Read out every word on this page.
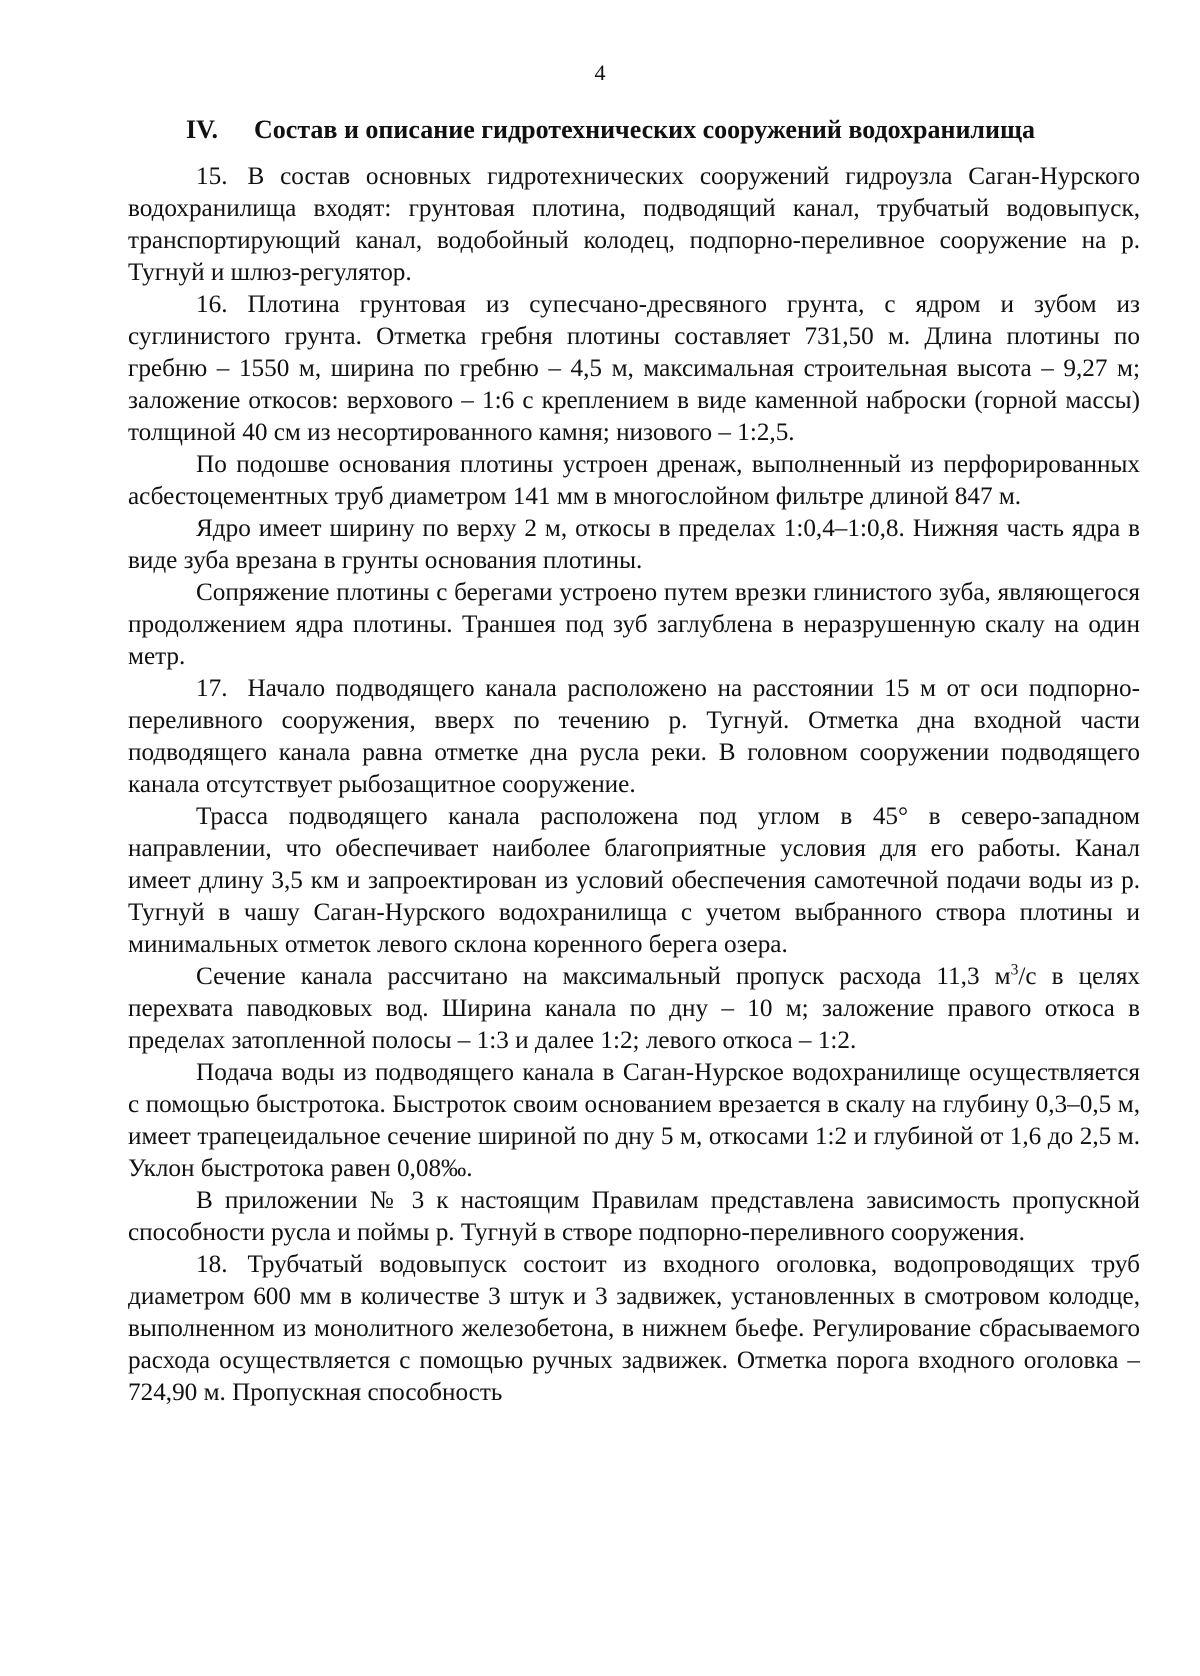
4
IV. Состав и описание гидротехнических сооружений водохранилища

15. В состав основных гидротехнических сооружений гидроузла Саган-Нурского водохранилища входят: грунтовая плотина, подводящий канал, трубчатый водовыпуск, транспортирующий канал, водобойный колодец, подпорно-переливное сооружение на р. Тугнуй и шлюз-регулятор.

16. Плотина грунтовая из супесчано-дресвяного грунта, с ядром и зубом из суглинистого грунта. Отметка гребня плотины составляет 731,50 м. Длина плотины по гребню – 1550 м, ширина по гребню – 4,5 м, максимальная строительная высота – 9,27 м; заложение откосов: верхового – 1:6 с креплением в виде каменной наброски (горной массы) толщиной 40 см из несортированного камня; низового – 1:2,5.

По подошве основания плотины устроен дренаж, выполненный из перфорированных асбестоцементных труб диаметром 141 мм в многослойном фильтре длиной 847 м.

Ядро имеет ширину по верху 2 м, откосы в пределах 1:0,4–1:0,8. Нижняя часть ядра в виде зуба врезана в грунты основания плотины.

Сопряжение плотины с берегами устроено путем врезки глинистого зуба, являющегося продолжением ядра плотины. Траншея под зуб заглублена в неразрушенную скалу на один метр.

17. Начало подводящего канала расположено на расстоянии 15 м от оси подпорно-переливного сооружения, вверх по течению р. Тугнуй. Отметка дна входной части подводящего канала равна отметке дна русла реки. В головном сооружении подводящего канала отсутствует рыбозащитное сооружение.

Трасса подводящего канала расположена под углом в 45° в северо-западном направлении, что обеспечивает наиболее благоприятные условия для его работы. Канал имеет длину 3,5 км и запроектирован из условий обеспечения самотечной подачи воды из р. Тугнуй в чашу Саган-Нурского водохранилища с учетом выбранного створа плотины и минимальных отметок левого склона коренного берега озера.

Сечение канала рассчитано на максимальный пропуск расхода 11,3 $м^3/с$ в целях перехвата паводковых вод. Ширина канала по дну – 10 м; заложение правого откоса в пределах затопленной полосы – 1:3 и далее 1:2; левого откоса – 1:2.

Подача воды из подводящего канала в Саган-Нурское водохранилище осуществляется с помощью быстротока. Быстроток своим основанием врезается в скалу на глубину 0,3–0,5 м, имеет трапецеидальное сечение шириной по дну 5 м, откосами 1:2 и глубиной от 1,6 до 2,5 м. Уклон быстротока равен 0,08‰.

В приложении № 3 к настоящим Правилам представлена зависимость пропускной способности русла и поймы р. Тугнуй в створе подпорно-переливного сооружения.

18. Трубчатый водовыпуск состоит из входного оголовка, водопроводящих труб диаметром 600 мм в количестве 3 штук и 3 задвижек, установленных в смотровом колодце, выполненном из монолитного железобетона, в нижнем бьефе. Регулирование сбрасываемого расхода осуществляется с помощью ручных задвижек. Отметка порога входного оголовка – 724,90 м. Пропускная способность
